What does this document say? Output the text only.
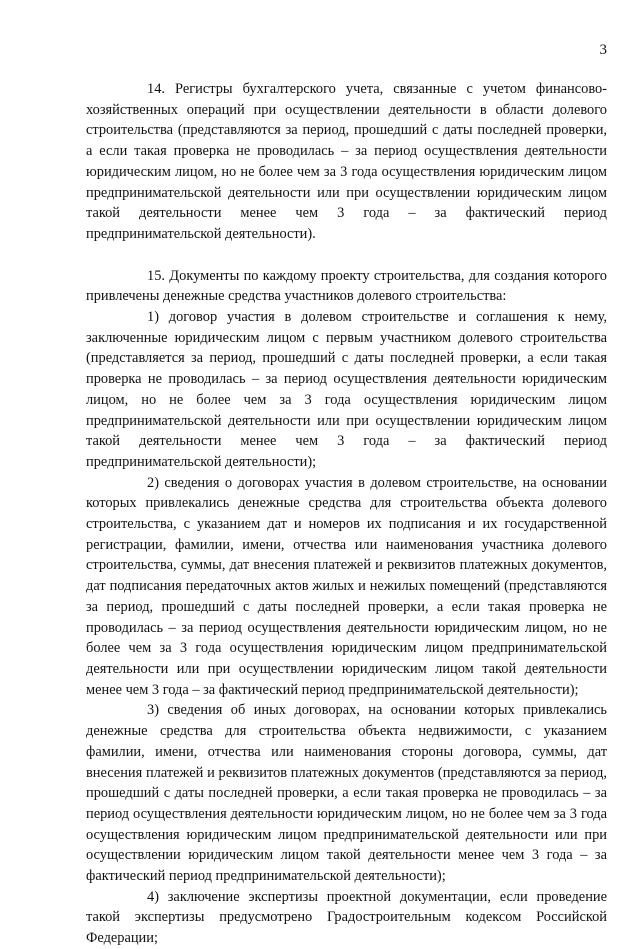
3

14. Регистры бухгалтерского учета, связанные с учетом финансово-хозяйственных операций при осуществлении деятельности в области долевого строительства (представляются за период, прошедший с даты последней проверки, а если такая проверка не проводилась – за период осуществления деятельности юридическим лицом, но не более чем за 3 года осуществления юридическим лицом предпринимательской деятельности или при осуществлении юридическим лицом такой деятельности менее чем 3 года – за фактический период предпринимательской деятельности).

15. Документы по каждому проекту строительства, для создания которого привлечены денежные средства участников долевого строительства:

1) договор участия в долевом строительстве и соглашения к нему, заключенные юридическим лицом с первым участником долевого строительства (представляется за период, прошедший с даты последней проверки, а если такая проверка не проводилась – за период осуществления деятельности юридическим лицом, но не более чем за 3 года осуществления юридическим лицом предпринимательской деятельности или при осуществлении юридическим лицом такой деятельности менее чем 3 года – за фактический период предпринимательской деятельности);

2) сведения о договорах участия в долевом строительстве, на основании которых привлекались денежные средства для строительства объекта долевого строительства, с указанием дат и номеров их подписания и их государственной регистрации, фамилии, имени, отчества или наименования участника долевого строительства, суммы, дат внесения платежей и реквизитов платежных документов, дат подписания передаточных актов жилых и нежилых помещений (представляются за период, прошедший с даты последней проверки, а если такая проверка не проводилась – за период осуществления деятельности юридическим лицом, но не более чем за 3 года осуществления юридическим лицом предпринимательской деятельности или при осуществлении юридическим лицом такой деятельности менее чем 3 года – за фактический период предпринимательской деятельности);

3) сведения об иных договорах, на основании которых привлекались денежные средства для строительства объекта недвижимости, с указанием фамилии, имени, отчества или наименования стороны договора, суммы, дат внесения платежей и реквизитов платежных документов (представляются за период, прошедший с даты последней проверки, а если такая проверка не проводилась – за период осуществления деятельности юридическим лицом, но не более чем за 3 года осуществления юридическим лицом предпринимательской деятельности или при осуществлении юридическим лицом такой деятельности менее чем 3 года – за фактический период предпринимательской деятельности);

4) заключение экспертизы проектной документации, если проведение такой экспертизы предусмотрено Градостроительным кодексом Российской Федерации;
